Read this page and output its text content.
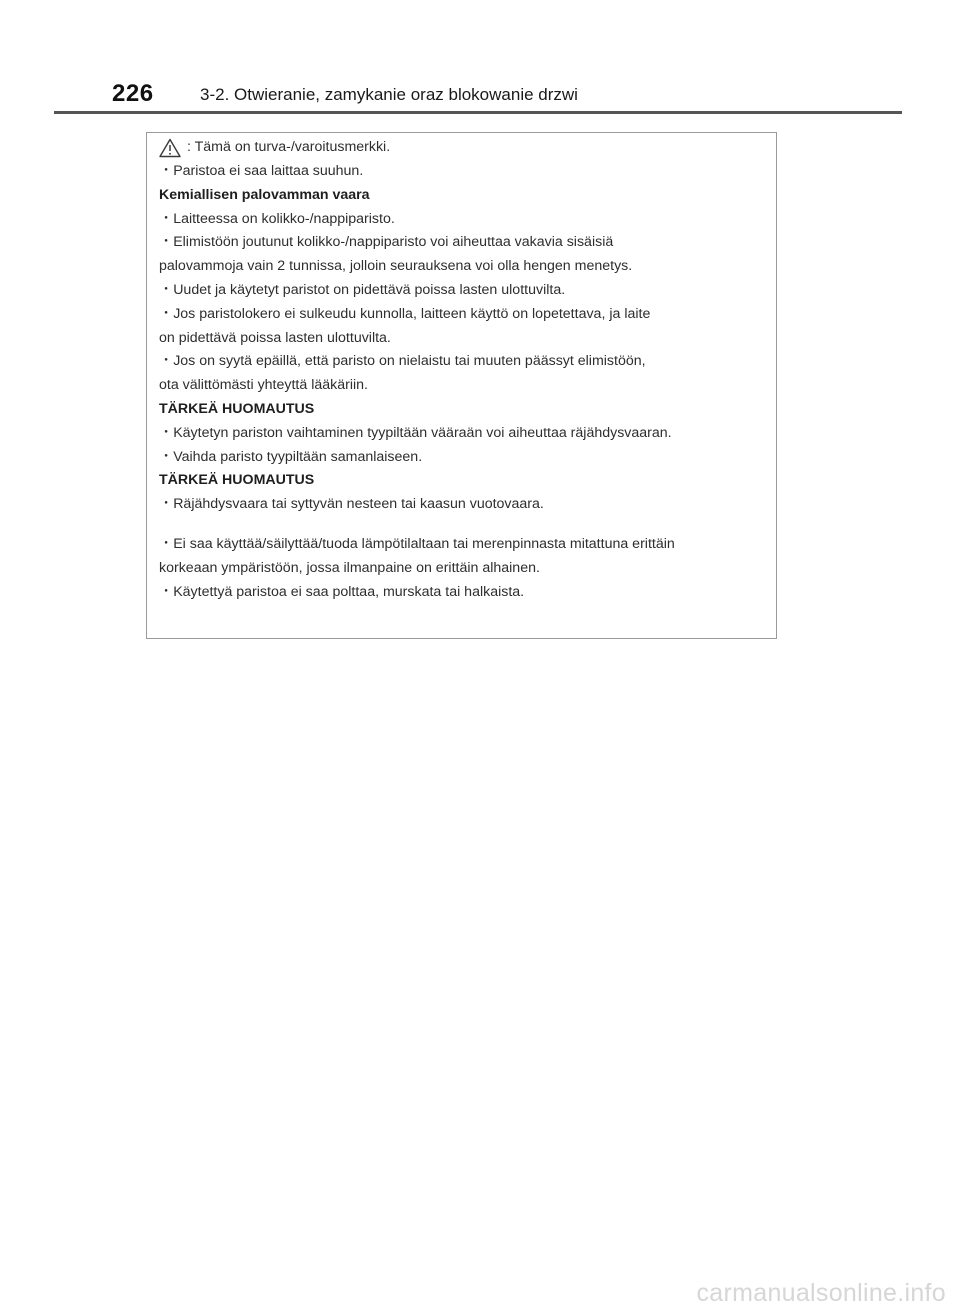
226	3-2. Otwieranie, zamykanie oraz blokowanie drzwi
: Tämä on turva-/varoitusmerkki.

・Paristoa ei saa laittaa suuhun.

Kemiallisen palovamman vaara

・Laitteessa on kolikko-/nappiparisto.

・Elimistöön joutunut kolikko-/nappiparisto voi aiheuttaa vakavia sisäisiä

palovammoja vain 2 tunnissa, jolloin seurauksena voi olla hengen menetys.

・Uudet ja käytetyt paristot on pidettävä poissa lasten ulottuvilta.

・Jos paristolokero ei sulkeudu kunnolla, laitteen käyttö on lopetettava, ja laite

on pidettävä poissa lasten ulottuvilta.

・Jos on syytä epäillä, että paristo on nielaistu tai muuten päässyt elimistöön,

ota välittömästi yhteyttä lääkäriin.

TÄRKEÄ HUOMAUTUS

・Käytetyn pariston vaihtaminen tyypiltään vääraän voi aiheuttaa räjähdysvaaran.

・Vaihda paristo tyypiltään samanlaiseen.

TÄRKEÄ HUOMAUTUS

・Räjähdysvaara tai syttyvän nesteen tai kaasun vuotovaara.

・Ei saa käyttää/säilyttää/tuoda lämpötilaltaan tai merenpinnasta mitattuna erittäin

korkeaan ympäristöön, jossa ilmanpaine on erittäin alhainen.

・Käytettyä paristoa ei saa polttaa, murskata tai halkaista.

carmanualsonline.info
